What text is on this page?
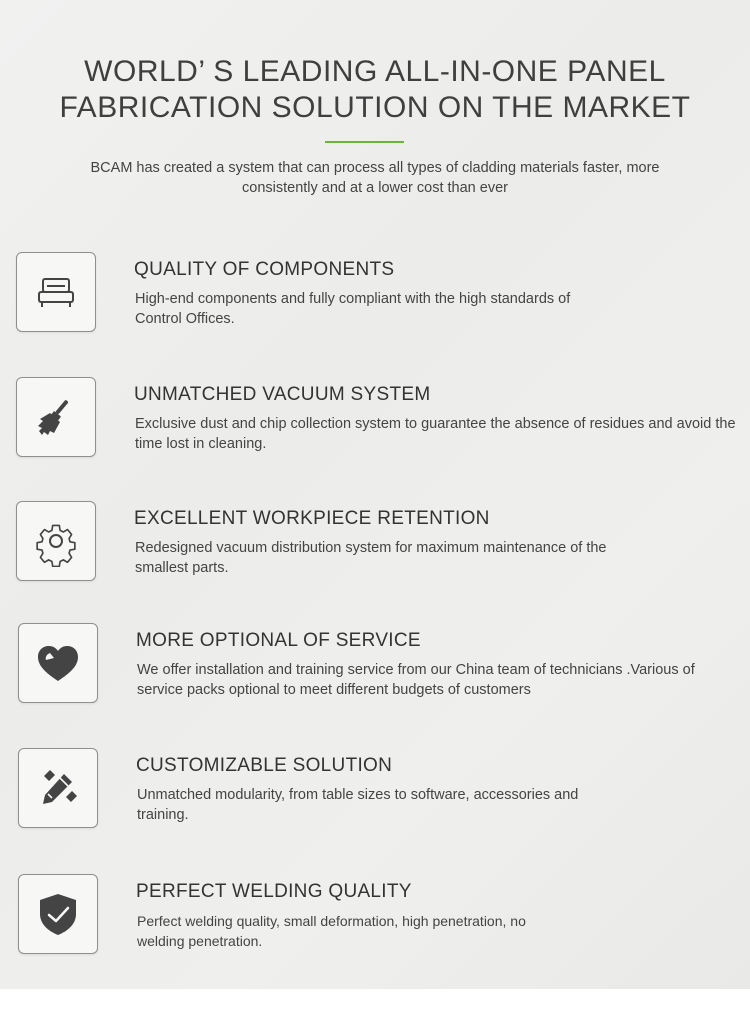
WORLD’ S LEADING ALL-IN-ONE PANEL
FABRICATION SOLUTION ON THE MARKET
BCAM has created a system that can process all types of cladding materials faster, more consistently and at a lower cost than ever
QUALITY OF COMPONENTS
High-end components and fully compliant with the high standards of Control Offices.
UNMATCHED VACUUM SYSTEM
Exclusive dust and chip collection system to guarantee the absence of residues and avoid the time lost in cleaning.
EXCELLENT WORKPIECE RETENTION
Redesigned vacuum distribution system for maximum maintenance of the smallest parts.
MORE OPTIONAL OF SERVICE
We offer installation and training service from our China team of technicians .Various of service packs optional to meet different budgets of customers
CUSTOMIZABLE SOLUTION
Unmatched modularity, from table sizes to software, accessories and training.
PERFECT WELDING QUALITY
Perfect welding quality, small deformation, high penetration, no welding penetration.
